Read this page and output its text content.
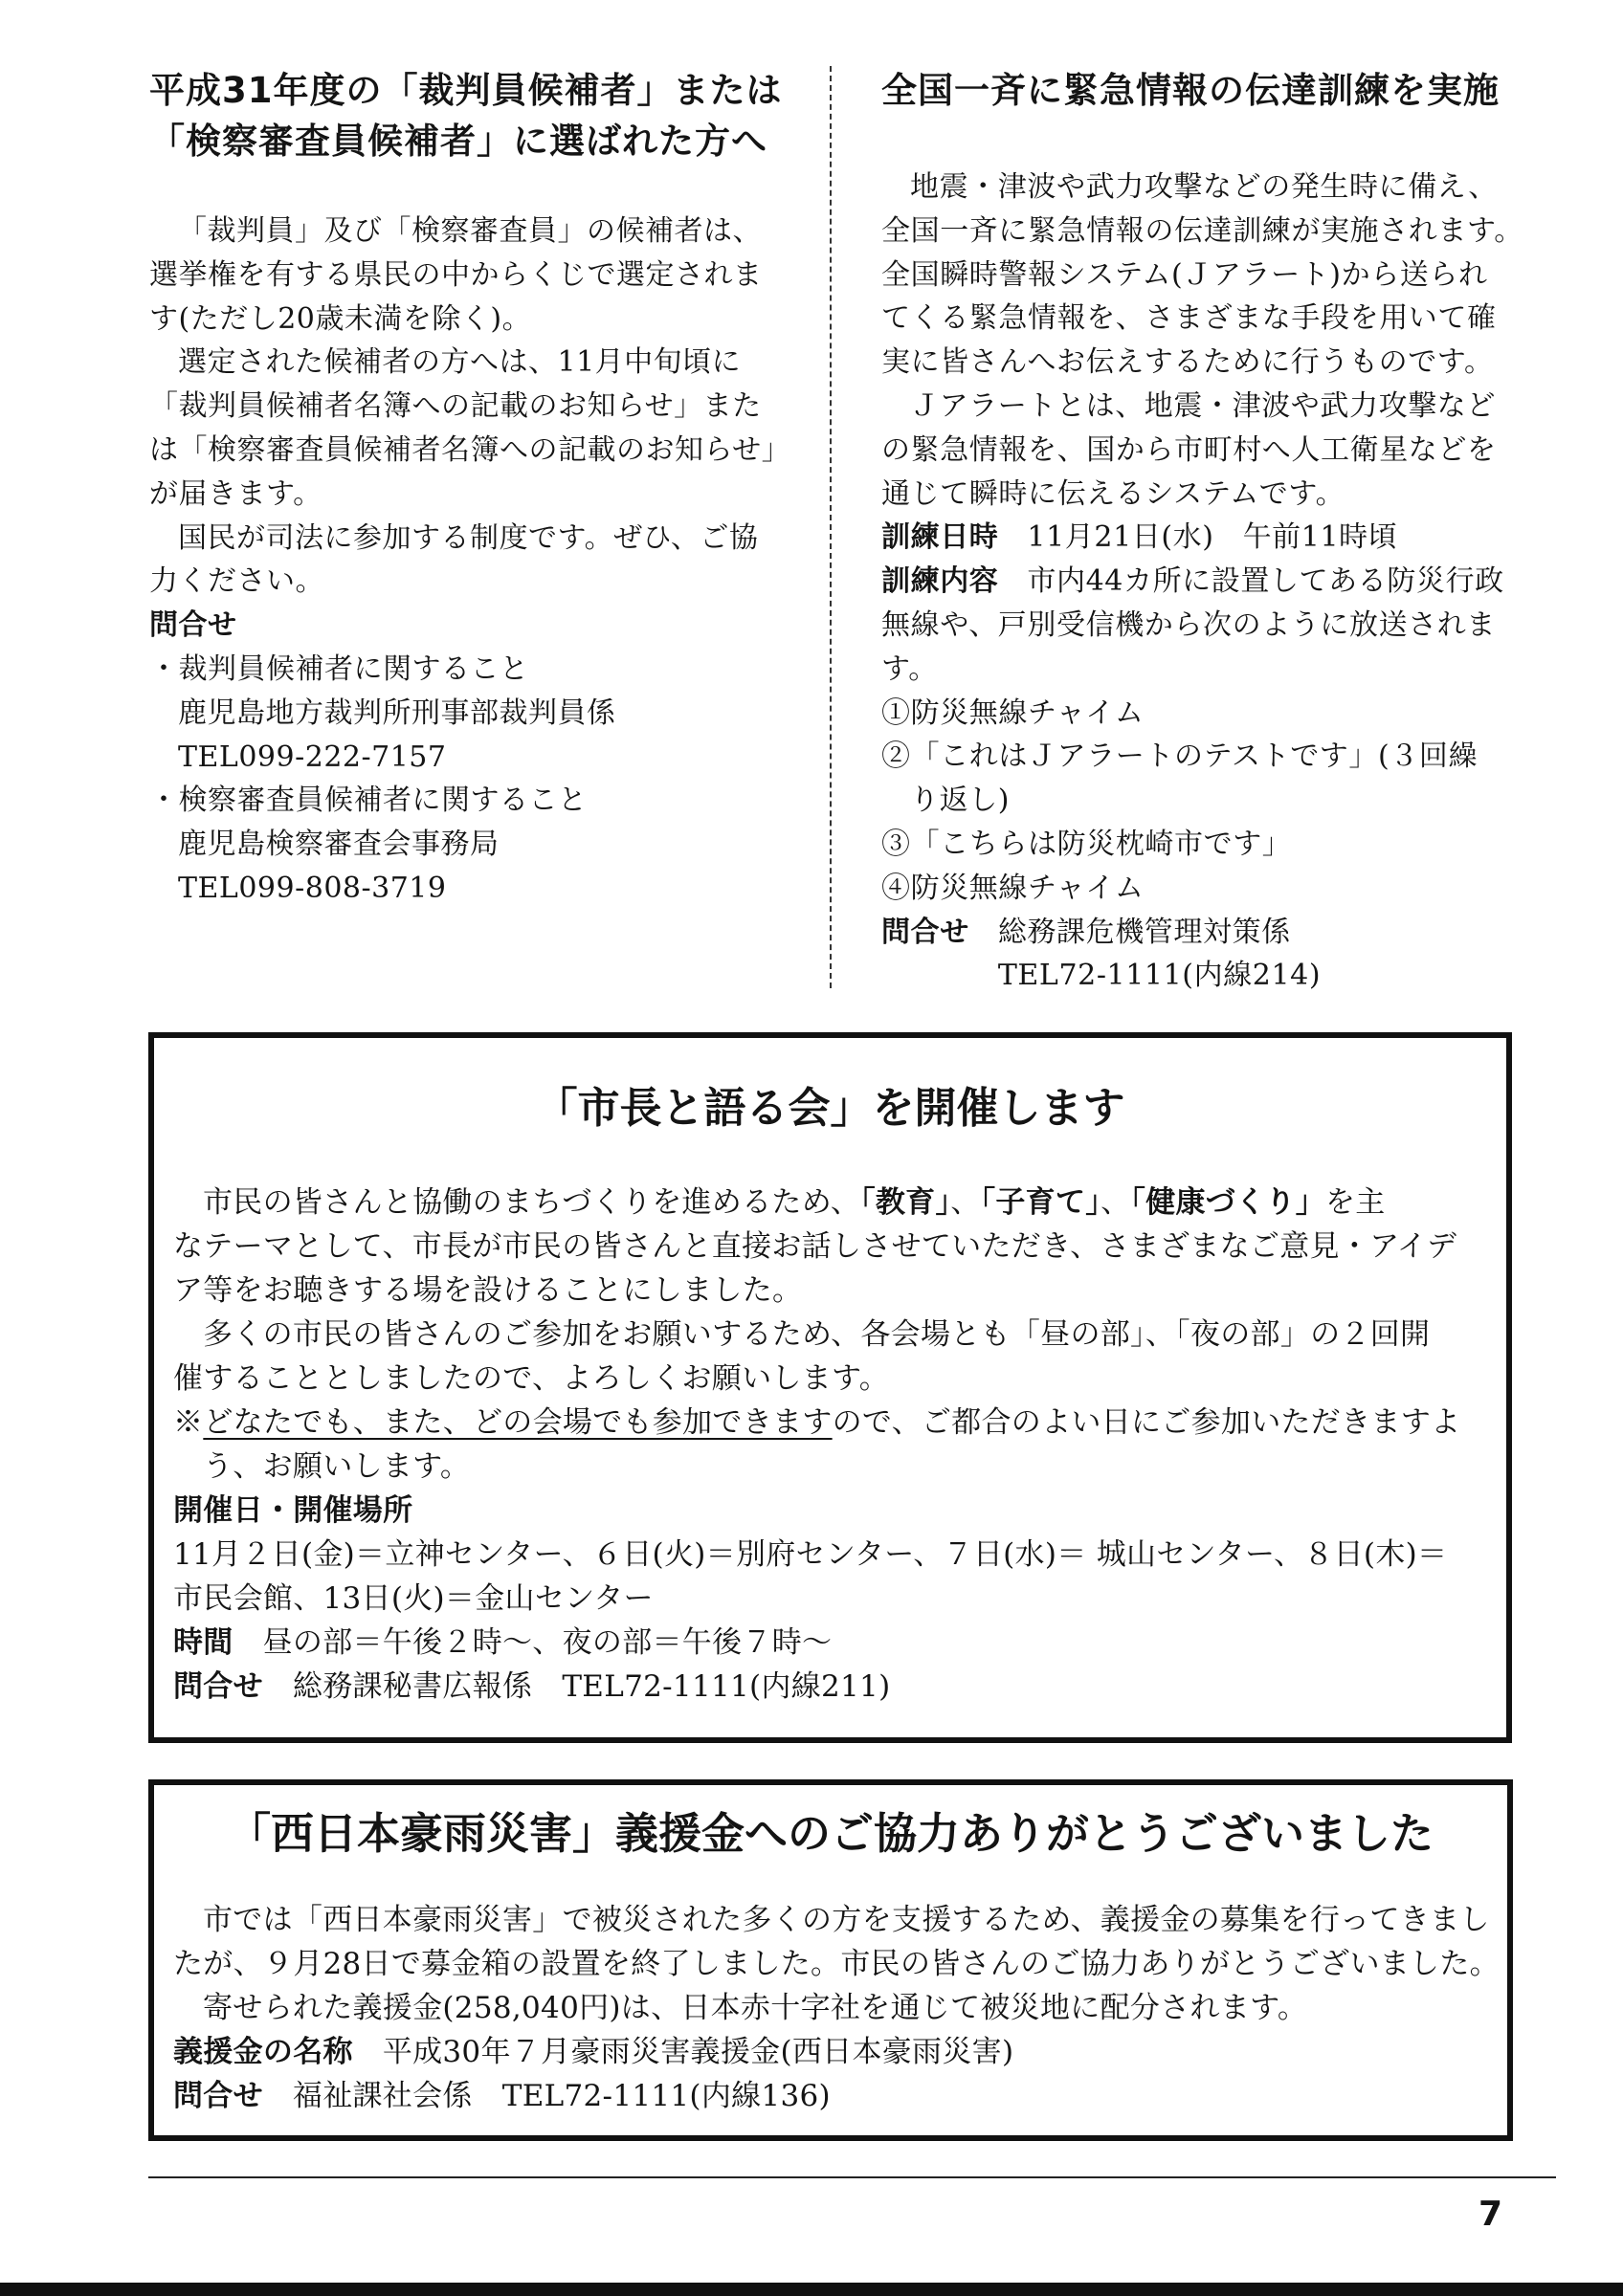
平成31年度の「裁判員候補者」または
「検察審査員候補者」に選ばれた方へ
「裁判員」及び「検察審査員」の候補者は、
選挙権を有する県民の中からくじで選定されま
す(ただし20歳未満を除く)。
選定された候補者の方へは、11月中旬頃に
「裁判員候補者名簿への記載のお知らせ」また
は「検察審査員候補者名簿への記載のお知らせ」
が届きます。
国民が司法に参加する制度です。ぜひ、ご協
力ください。
問合せ
・裁判員候補者に関すること
鹿児島地方裁判所刑事部裁判員係
TEL099-222-7157
・検察審査員候補者に関すること
鹿児島検察審査会事務局
TEL099-808-3719
全国一斉に緊急情報の伝達訓練を実施
地震・津波や武力攻撃などの発生時に備え、
全国一斉に緊急情報の伝達訓練が実施されます。
全国瞬時警報システム(Ｊアラート)から送られ
てくる緊急情報を、さまざまな手段を用いて確
実に皆さんへお伝えするために行うものです。
Ｊアラートとは、地震・津波や武力攻撃など
の緊急情報を、国から市町村へ人工衛星などを
通じて瞬時に伝えるシステムです。
訓練日時 11月21日(水) 午前11時頃
訓練内容 市内44カ所に設置してある防災行政
無線や、戸別受信機から次のように放送されま
す。
①防災無線チャイム
②「これはＪアラートのテストです」(３回繰
り返し)
③「こちらは防災枕崎市です」
④防災無線チャイム
問合せ 総務課危機管理対策係
TEL72-1111(内線214)
「市長と語る会」を開催します
市民の皆さんと協働のまちづくりを進めるため、「教育」、「子育て」、「健康づくり」を主
なテーマとして、市長が市民の皆さんと直接お話しさせていただき、さまざまなご意見・アイデ
ア等をお聴きする場を設けることにしました。
多くの市民の皆さんのご参加をお願いするため、各会場とも「昼の部」、「夜の部」の２回開
催することとしましたので、よろしくお願いします。
※どなたでも、また、どの会場でも参加できますので、ご都合のよい日にご参加いただきますよ
う、お願いします。
開催日・開催場所
11月２日(金)＝立神センター、６日(火)＝別府センター、７日(水)＝ 城山センター、８日(木)＝
市民会館、13日(火)＝金山センター
時間 昼の部＝午後２時～、夜の部＝午後７時～
問合せ 総務課秘書広報係 TEL72-1111(内線211)
「西日本豪雨災害」義援金へのご協力ありがとうございました
市では「西日本豪雨災害」で被災された多くの方を支援するため、義援金の募集を行ってきまし
たが、９月28日で募金箱の設置を終了しました。市民の皆さんのご協力ありがとうございました。
寄せられた義援金(258,040円)は、日本赤十字社を通じて被災地に配分されます。
義援金の名称 平成30年７月豪雨災害義援金(西日本豪雨災害)
問合せ 福祉課社会係 TEL72-1111(内線136)
7
